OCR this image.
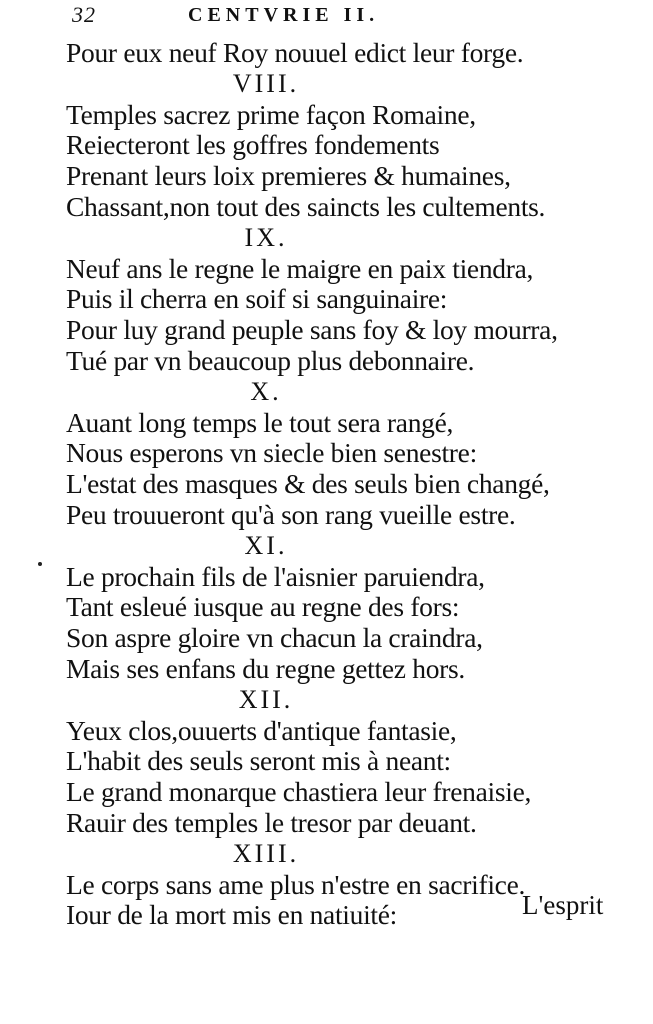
32	CENTVRIE II.
Pour eux neuf Roy nouuel edict leur forge.
VIII.
Temples sacrez prime façon Romaine,
Reiecteront les goffres fondements
Prenant leurs loix premieres & humaines,
Chassant,non tout des saincts les cultements.
IX.
Neuf ans le regne le maigre en paix tiendra,
Puis il cherra en soif si sanguinaire:
Pour luy grand peuple sans foy & loy mourra,
Tué par vn beaucoup plus debonnaire.
X.
Auant long temps le tout sera rangé,
Nous esperons vn siecle bien senestre:
L'estat des masques & des seuls bien changé,
Peu trouueront qu'à son rang vueille estre.
XI.
Le prochain fils de l'aisnier paruiendra,
Tant esleué iusque au regne des fors:
Son aspre gloire vn chacun la craindra,
Mais ses enfans du regne gettez hors.
XII.
Yeux clos,ouuerts d'antique fantasie,
L'habit des seuls seront mis à neant:
Le grand monarque chastiera leur frenaisie,
Rauir des temples le tresor par deuant.
XIII.
Le corps sans ame plus n'estre en sacrifice.
Iour de la mort mis en natiuité:	L'esprit
